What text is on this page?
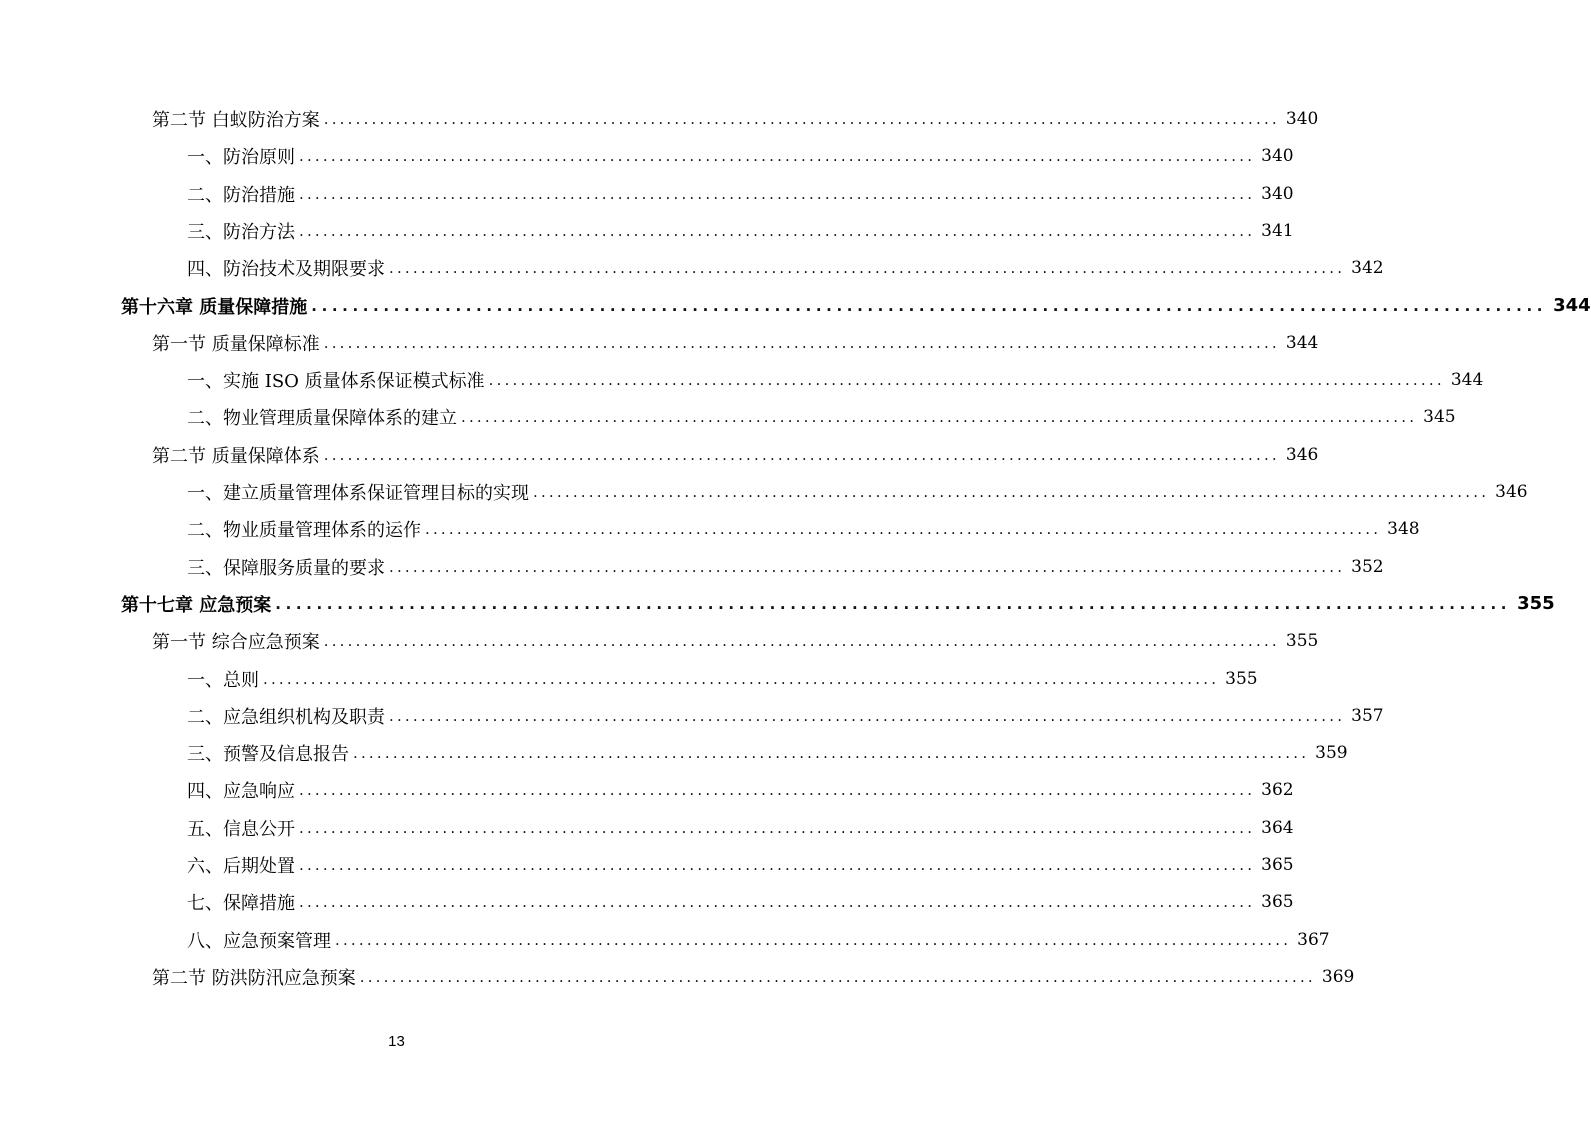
第二节 白蚁防治方案 ........................................................................................................................ 340
一、防治原则 ........................................................................................................................ 340
二、防治措施 ........................................................................................................................ 340
三、防治方法 ........................................................................................................................ 341
四、防治技术及期限要求 ........................................................................................................................ 342
第十六章 质量保障措施 ........................................................................................................................ 344
第一节 质量保障标准 ........................................................................................................................ 344
一、实施 ISO 质量体系保证模式标准 ........................................................................................................................ 344
二、物业管理质量保障体系的建立 ........................................................................................................................ 345
第二节 质量保障体系 ........................................................................................................................ 346
一、建立质量管理体系保证管理目标的实现 ........................................................................................................................ 346
二、物业质量管理体系的运作 ........................................................................................................................ 348
三、保障服务质量的要求 ........................................................................................................................ 352
第十七章 应急预案 ........................................................................................................................ 355
第一节 综合应急预案 ........................................................................................................................ 355
一、总则 ........................................................................................................................ 355
二、应急组织机构及职责 ........................................................................................................................ 357
三、预警及信息报告 ........................................................................................................................ 359
四、应急响应 ........................................................................................................................ 362
五、信息公开 ........................................................................................................................ 364
六、后期处置 ........................................................................................................................ 365
七、保障措施 ........................................................................................................................ 365
八、应急预案管理 ........................................................................................................................ 367
第二节 防洪防汛应急预案 ........................................................................................................................ 369
13
